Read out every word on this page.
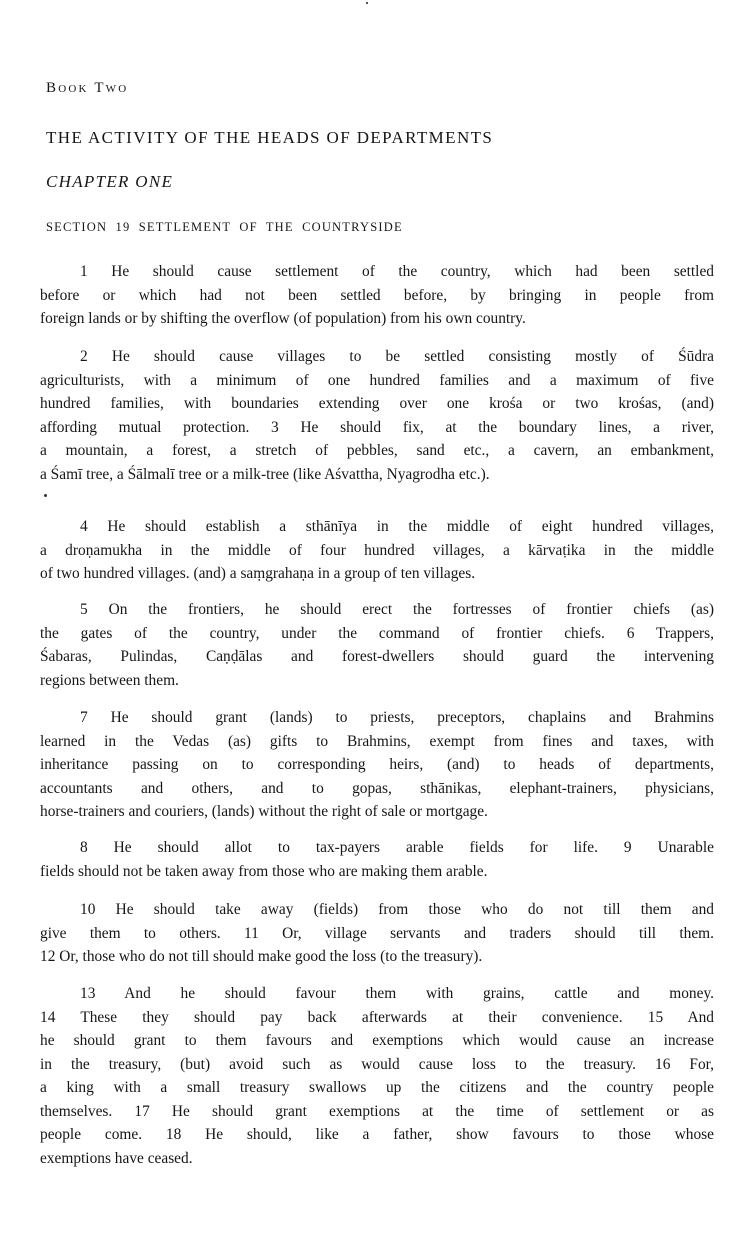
Book Two
THE ACTIVITY OF THE HEADS OF DEPARTMENTS
CHAPTER ONE
SECTION 19 SETTLEMENT OF THE COUNTRYSIDE
1 He should cause settlement of the country, which had been settled
before or which had not been settled before, by bringing in people from
foreign lands or by shifting the overflow (of population) from his own country.
2 He should cause villages to be settled consisting mostly of Śūdra
agriculturists, with a minimum of one hundred families and a maximum of five
hundred families, with boundaries extending over one krośa or two krośas, (and)
affording mutual protection. 3 He should fix, at the boundary lines, a river,
a mountain, a forest, a stretch of pebbles, sand etc., a cavern, an embankment,
a Śamī tree, a Śālmalī tree or a milk-tree (like Aśvattha, Nyagrodha etc.).
4 He should establish a sthānīya in the middle of eight hundred villages,
a droṇamukha in the middle of four hundred villages, a kārvaṭika in the middle
of two hundred villages. (and) a saṃgrahaṇa in a group of ten villages.
5 On the frontiers, he should erect the fortresses of frontier chiefs (as)
the gates of the country, under the command of frontier chiefs. 6 Trappers,
Śabaras, Pulindas, Caṇḍālas and forest-dwellers should guard the intervening
regions between them.
7 He should grant (lands) to priests, preceptors, chaplains and Brahmins
learned in the Vedas (as) gifts to Brahmins, exempt from fines and taxes, with
inheritance passing on to corresponding heirs, (and) to heads of departments,
accountants and others, and to gopas, sthānikas, elephant-trainers, physicians,
horse-trainers and couriers, (lands) without the right of sale or mortgage.
8 He should allot to tax-payers arable fields for life. 9 Unarable
fields should not be taken away from those who are making them arable.
10 He should take away (fields) from those who do not till them and
give them to others. 11 Or, village servants and traders should till them.
12 Or, those who do not till should make good the loss (to the treasury).
13 And he should favour them with grains, cattle and money.
14 These they should pay back afterwards at their convenience. 15 And
he should grant to them favours and exemptions which would cause an increase
in the treasury, (but) avoid such as would cause loss to the treasury. 16 For,
a king with a small treasury swallows up the citizens and the country people
themselves. 17 He should grant exemptions at the time of settlement or as
people come. 18 He should, like a father, show favours to those whose
exemptions have ceased.
